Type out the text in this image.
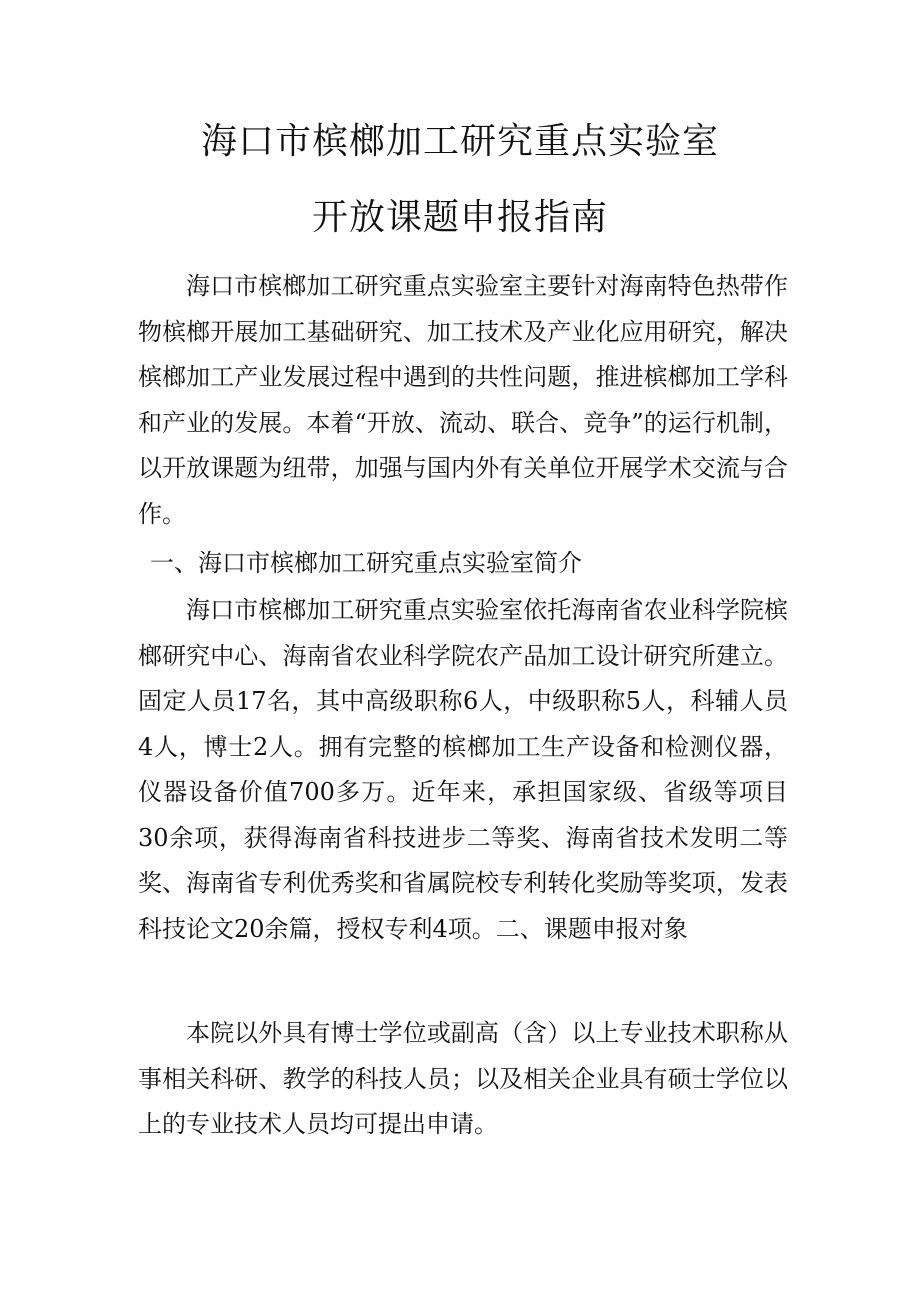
海口市槟榔加工研究重点实验室
开放课题申报指南

海口市槟榔加工研究重点实验室主要针对海南特色热带作物槟榔开展加工基础研究、加工技术及产业化应用研究，解决槟榔加工产业发展过程中遇到的共性问题，推进槟榔加工学科和产业的发展。本着“开放、流动、联合、竞争”的运行机制，以开放课题为纽带，加强与国内外有关单位开展学术交流与合作。

一、海口市槟榔加工研究重点实验室简介

海口市槟榔加工研究重点实验室依托海南省农业科学院槟榔研究中心、海南省农业科学院农产品加工设计研究所建立。固定人员17名，其中高级职称6人，中级职称5人，科辅人员4人，博士2人。拥有完整的槟榔加工生产设备和检测仪器，仪器设备价值700多万。近年来，承担国家级、省级等项目30余项，获得海南省科技进步二等奖、海南省技术发明二等奖、海南省专利优秀奖和省属院校专利转化奖励等奖项，发表科技论文20余篇，授权专利4项。二、课题申报对象

本院以外具有博士学位或副高（含）以上专业技术职称从事相关科研、教学的科技人员；以及相关企业具有硕士学位以上的专业技术人员均可提出申请。
